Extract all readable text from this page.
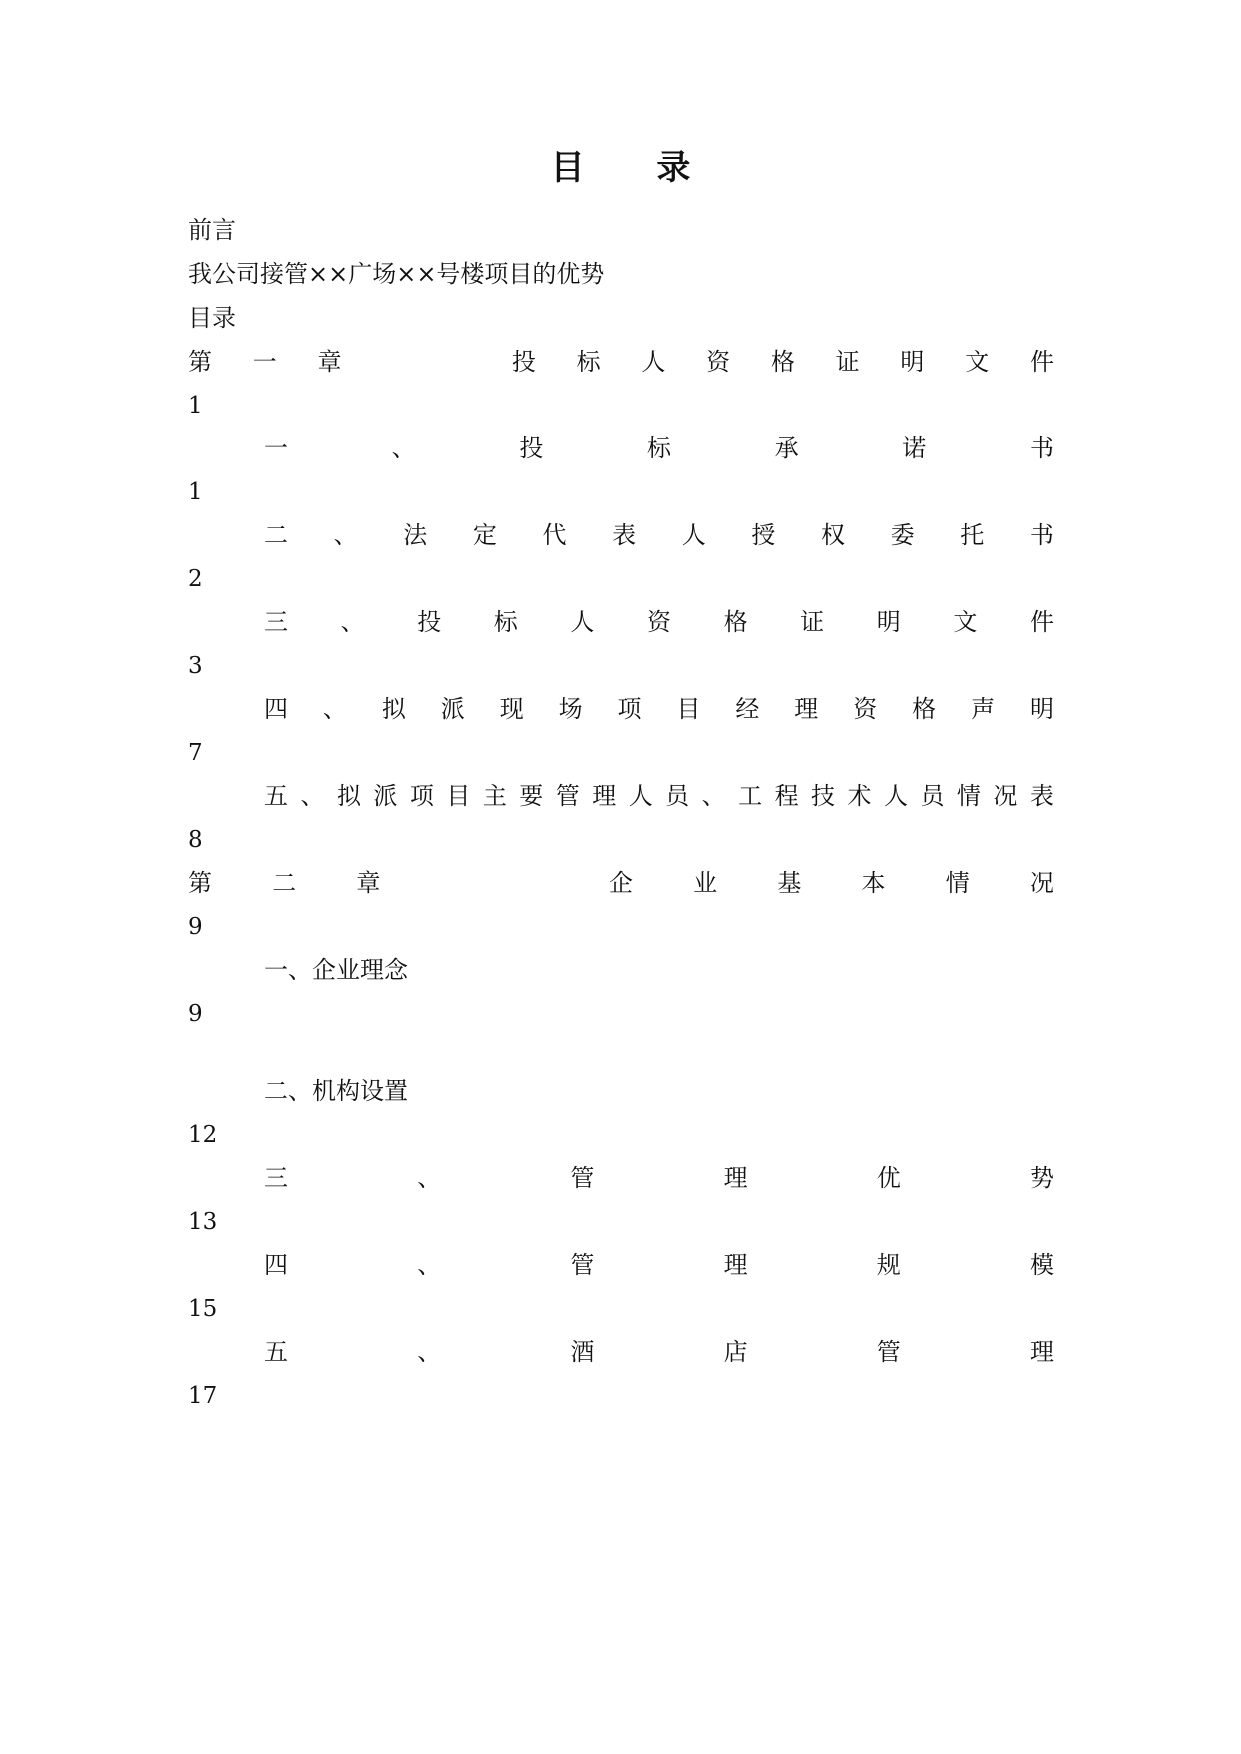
目 录
前言
我公司接管××广场××号楼项目的优势
目录
第 一 章

　	投 标 人 资 格 证 明 文 件
1
一	、	投	标	承	诺	书
1
二 、 法 定 代 表 人 授 权 委 托 书
2
三 、 投 标 人 资 格 证 明 文 件
3
四 、 拟 派 现 场 项 目 经 理 资 格 声 明
7
五 、 拟 派 项 目 主 要 管 理 人 员 、 工 程 技 术 人 员 情 况 表
8
第	二	章

　	企	业	基	本	情	况
9
一、企业理念
9
二、机构设置
12
三	、	管	理	优	势
13
四	、	管	理	规	模
15
五	、	酒	店	管	理
17
